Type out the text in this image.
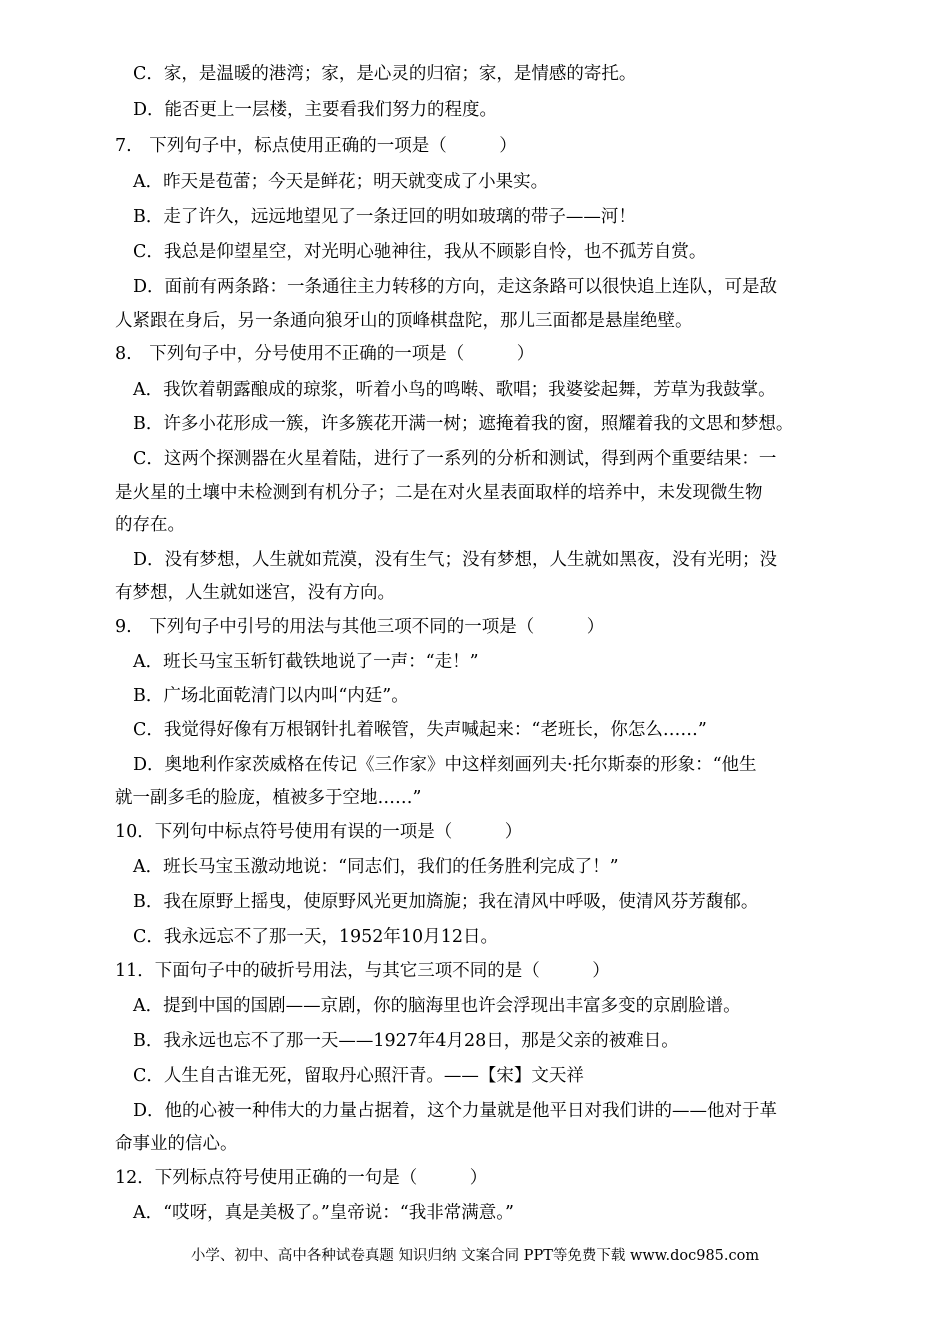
C．家，是温暖的港湾；家，是心灵的归宿；家，是情感的寄托。
D．能否更上一层楼，主要看我们努力的程度。
7.　下列句子中，标点使用正确的一项是（　　　）
A．昨天是苞蕾；今天是鲜花；明天就变成了小果实。
B．走了许久，远远地望见了一条迂回的明如玻璃的带子——河！
C．我总是仰望星空，对光明心驰神往，我从不顾影自怜，也不孤芳自赏。
D．面前有两条路：一条通往主力转移的方向，走这条路可以很快追上连队，可是敌
人紧跟在身后，另一条通向狼牙山的顶峰棋盘陀，那儿三面都是悬崖绝壁。
8.　下列句子中，分号使用不正确的一项是（　　　）
A．我饮着朝露酿成的琼浆，听着小鸟的鸣啭、歌唱；我婆娑起舞，芳草为我鼓掌。
B．许多小花形成一簇，许多簇花开满一树；遮掩着我的窗，照耀着我的文思和梦想。
C．这两个探测器在火星着陆，进行了一系列的分析和测试，得到两个重要结果：一
是火星的土壤中未检测到有机分子；二是在对火星表面取样的培养中，未发现微生物
的存在。
D．没有梦想，人生就如荒漠，没有生气；没有梦想，人生就如黑夜，没有光明；没
有梦想，人生就如迷宫，没有方向。
9.　下列句子中引号的用法与其他三项不同的一项是（　　　）
A．班长马宝玉斩钉截铁地说了一声：“走！”
B．广场北面乾清门以内叫“内廷”。
C．我觉得好像有万根钢针扎着喉管，失声喊起来：“老班长，你怎么……”
D．奥地利作家茨威格在传记《三作家》中这样刻画列夫·托尔斯泰的形象：“他生
就一副多毛的脸庞，植被多于空地……”
10．下列句中标点符号使用有误的一项是（　　　）
A．班长马宝玉激动地说：“同志们，我们的任务胜利完成了！”
B．我在原野上摇曳，使原野风光更加旖旎；我在清风中呼吸，使清风芬芳馥郁。
C．我永远忘不了那一天，1952年10月12日。
11．下面句子中的破折号用法，与其它三项不同的是（　　　）
A．提到中国的国剧——京剧，你的脑海里也许会浮现出丰富多变的京剧脸谱。
B．我永远也忘不了那一天——1927年4月28日，那是父亲的被难日。
C．人生自古谁无死，留取丹心照汗青。——【宋】文天祥
D．他的心被一种伟大的力量占据着，这个力量就是他平日对我们讲的——他对于革
命事业的信心。
12．下列标点符号使用正确的一句是（　　　）
A．“哎呀，真是美极了。”皇帝说：“我非常满意。”
小学、初中、高中各种试卷真题 知识归纳 文案合同 PPT等免费下载 www.doc985.com
